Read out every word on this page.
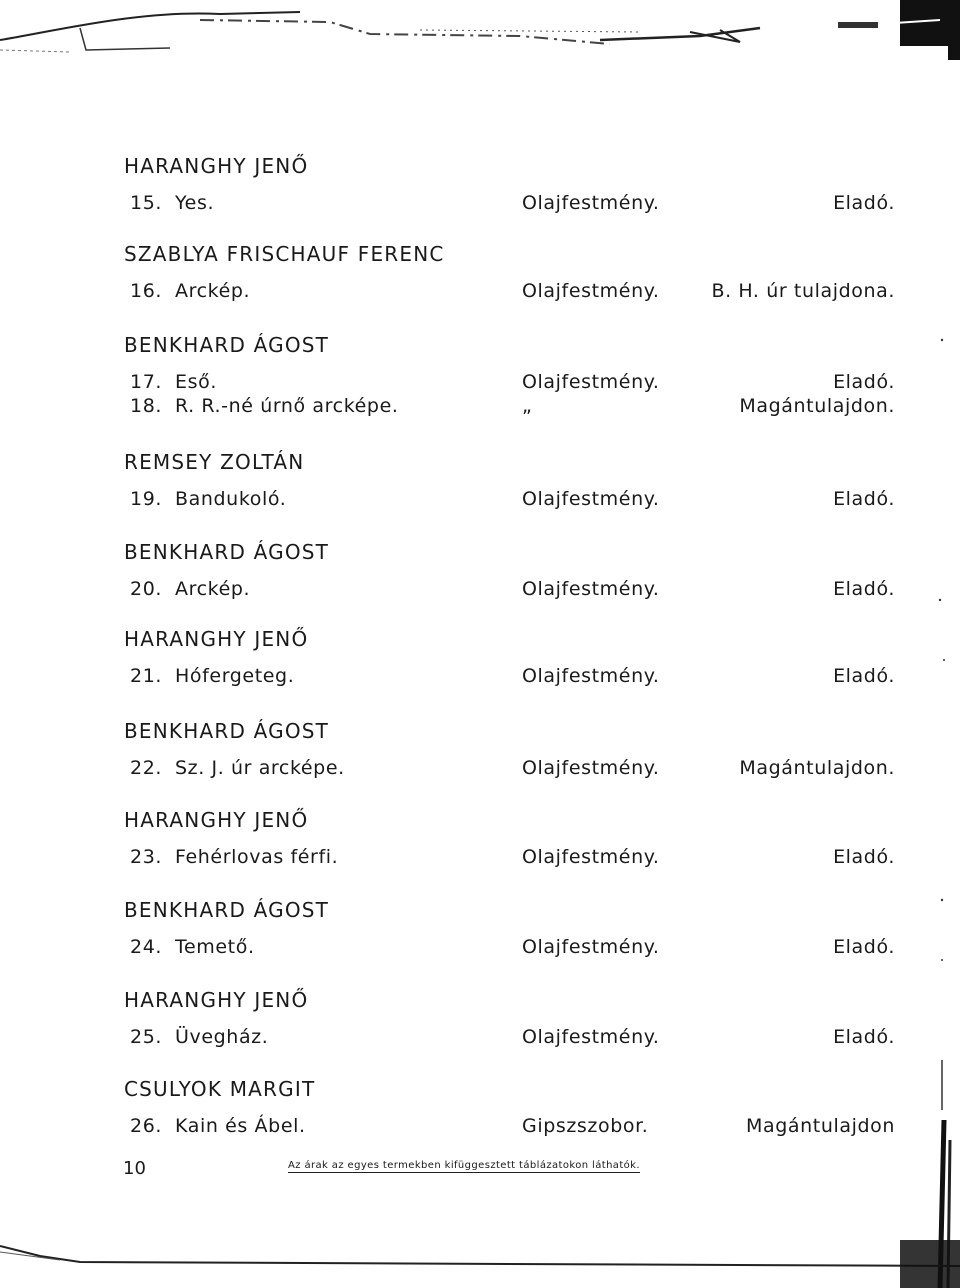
HARANGHY JENŐ
15. Yes.	Olajfestmény.	Eladó.
SZABLYA FRISCHAUF FERENC
16. Arckép.	Olajfestmény.	B. H. úr tulajdona.
BENKHARD ÁGOST
17. Eső.	Olajfestmény.	Eladó.
18. R. R.-né úrnő arcképe.	„	Magántulajdon.
REMSEY ZOLTÁN
19. Bandukoló.	Olajfestmény.	Eladó.
BENKHARD ÁGOST
20. Arckép.	Olajfestmény.	Eladó.
HARANGHY JENŐ
21. Hófergeteg.	Olajfestmény.	Eladó.
BENKHARD ÁGOST
22. Sz. J. úr arcképe.	Olajfestmény.	Magántulajdon.
HARANGHY JENŐ
23. Fehérlovas férfi.	Olajfestmény.	Eladó.
BENKHARD ÁGOST
24. Temető.	Olajfestmény.	Eladó.
HARANGHY JENŐ
25. Üvegház.	Olajfestmény.	Eladó.
CSULYOK MARGIT
26. Kain és Ábel.	Gipszszobor.	Magántulajdon
10	Az árak az egyes termekben kifüggesztett táblázatokon láthatók.
